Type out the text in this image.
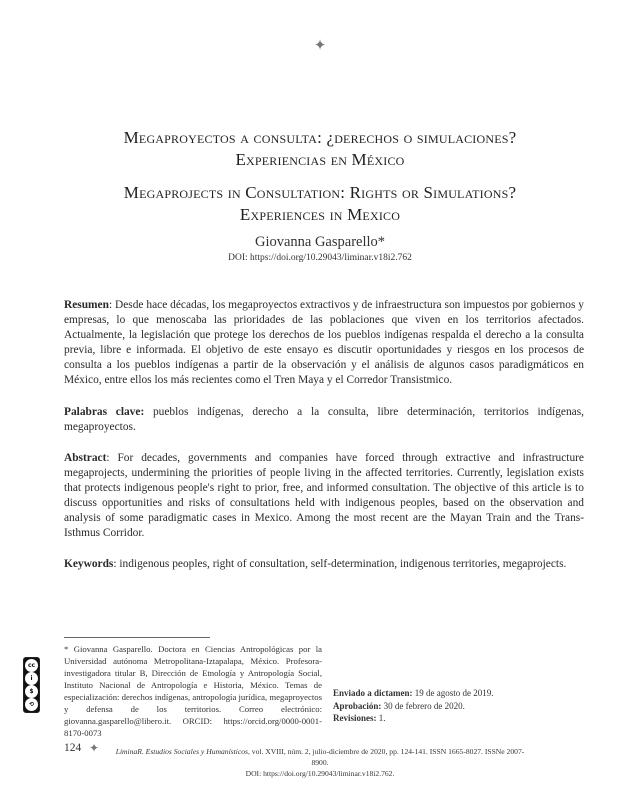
✦
Megaproyectos a consulta: ¿derechos o simulaciones?
Experiencias en México
Megaprojects in Consultation: Rights or Simulations?
Experiences in Mexico
Giovanna Gasparello*
DOI: https://doi.org/10.29043/liminar.v18i2.762
Resumen: Desde hace décadas, los megaproyectos extractivos y de infraestructura son impuestos por gobiernos y empresas, lo que menoscaba las prioridades de las poblaciones que viven en los territorios afectados. Actualmente, la legislación que protege los derechos de los pueblos indígenas respalda el derecho a la consulta previa, libre e informada. El objetivo de este ensayo es discutir oportunidades y riesgos en los procesos de consulta a los pueblos indígenas a partir de la observación y el análisis de algunos casos paradigmáticos en México, entre ellos los más recientes como el Tren Maya y el Corredor Transistmico.
Palabras clave: pueblos indígenas, derecho a la consulta, libre determinación, territorios indígenas, megaproyectos.
Abstract: For decades, governments and companies have forced through extractive and infrastructure megaprojects, undermining the priorities of people living in the affected territories. Currently, legislation exists that protects indigenous people's right to prior, free, and informed consultation. The objective of this article is to discuss opportunities and risks of consultations held with indigenous peoples, based on the observation and analysis of some paradigmatic cases in Mexico. Among the most recent are the Mayan Train and the Trans-Isthmus Corridor.
Keywords: indigenous peoples, right of consultation, self-determination, indigenous territories, megaprojects.
* Giovanna Gasparello. Doctora en Ciencias Antropológicas por la Universidad autónoma Metropolitana-Iztapalapa, México. Profesora-investigadora titular B, Dirección de Etnología y Antropología Social, Instituto Nacional de Antropología e Historia, México. Temas de especialización: derechos indígenas, antropología jurídica, megaproyectos y defensa de los territorios. Correo electrónico: giovanna.gasparello@libero.it. ORCID: https://orcid.org/0000-0001-8170-0073
cc
i
$
⟲
Enviado a dictamen: 19 de agosto de 2019.
Aprobación: 30 de febrero de 2020.
Revisiones: 1.
124 ✦	LiminaR. Estudios Sociales y Humanísticos, vol. XVIII, núm. 2, julio-diciembre de 2020, pp. 124-141. ISSN 1665-8027. ISSNe 2007-8900.
DOI: https://doi.org/10.29043/liminar.v18i2.762.
